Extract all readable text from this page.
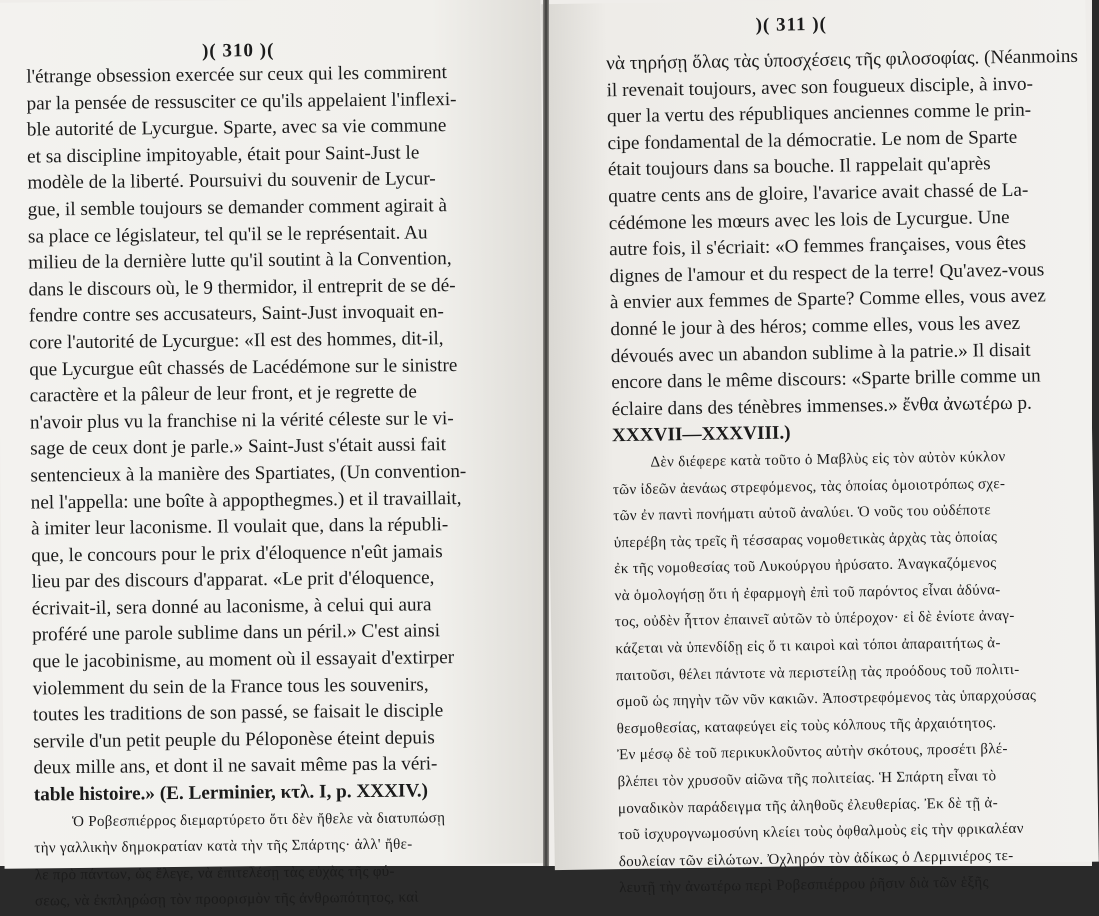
)( 310 )(
l'étrange obsession exercée sur ceux qui les commirent
par la pensée de ressusciter ce qu'ils appelaient l'inflexi-
ble autorité de Lycurgue. Sparte, avec sa vie commune
et sa discipline impitoyable, était pour Saint-Just le
modèle de la liberté. Poursuivi du souvenir de Lycur-
gue, il semble toujours se demander comment agirait à
sa place ce législateur, tel qu'il se le représentait. Au
milieu de la dernière lutte qu'il soutint à la Convention,
dans le discours où, le 9 thermidor, il entreprit de se dé-
fendre contre ses accusateurs, Saint-Just invoquait en-
core l'autorité de Lycurgue: «Il est des hommes, dit-il,
que Lycurgue eût chassés de Lacédémone sur le sinistre
caractère et la pâleur de leur front, et je regrette de
n'avoir plus vu la franchise ni la vérité céleste sur le vi-
sage de ceux dont je parle.» Saint-Just s'était aussi fait
sentencieux à la manière des Spartiates, (Un convention-
nel l'appella: une boîte à appopthegmes.) et il travaillait,
à imiter leur laconisme. Il voulait que, dans la républi-
que, le concours pour le prix d'éloquence n'eût jamais
lieu par des discours d'apparat. «Le prit d'éloquence,
écrivait-il, sera donné au laconisme, à celui qui aura
proféré une parole sublime dans un péril.» C'est ainsi
que le jacobinisme, au moment où il essayait d'extirper
violemment du sein de la France tous les souvenirs,
toutes les traditions de son passé, se faisait le disciple
servile d'un petit peuple du Péloponèse éteint depuis
deux mille ans, et dont il ne savait même pas la véri-
table histoire.» (E. Lerminier, κτλ. I, p. XXXIV.)
Ὁ Ροβεσπιέρρος διεμαρτύρετο ὅτι δὲν ἤθελε νὰ διατυπώσῃ
τὴν γαλλικὴν δημοκρατίαν κατὰ τὴν τῆς Σπάρτης· ἀλλ' ἤθε-
λε πρὸ πάντων, ὡς ἔλεγε, νὰ ἐπιτελέσῃ τὰς εὐχὰς τῆς φύ-
σεως, νὰ ἐκπληρώσῃ τὸν προορισμὸν τῆς ἀνθρωπότητος, καὶ
)( 311 )(
νὰ τηρήσῃ ὅλας τὰς ὑποσχέσεις τῆς φιλοσοφίας. (Néanmoins
il revenait toujours, avec son fougueux disciple, à invo-
quer la vertu des républiques anciennes comme le prin-
cipe fondamental de la démocratie. Le nom de Sparte
était toujours dans sa bouche. Il rappelait qu'après
quatre cents ans de gloire, l'avarice avait chassé de La-
cédémone les mœurs avec les lois de Lycurgue. Une
autre fois, il s'écriait: «O femmes françaises, vous êtes
dignes de l'amour et du respect de la terre! Qu'avez-vous
à envier aux femmes de Sparte? Comme elles, vous avez
donné le jour à des héros; comme elles, vous les avez
dévoués avec un abandon sublime à la patrie.» Il disait
encore dans le même discours: «Sparte brille comme un
éclaire dans des ténèbres immenses.» ἔνθα ἀνωτέρω p.
XXXVII—XXXVIII.)
Δὲν διέφερε κατὰ τοῦτο ὁ Μαβλὺς εἰς τὸν αὐτὸν κύκλον
τῶν ἰδεῶν ἀενάως στρεφόμενος, τὰς ὁποίας ὁμοιοτρόπως σχε-
τῶν ἐν παντὶ πονήματι αὐτοῦ ἀναλύει. Ὁ νοῦς του οὐδέποτε
ὑπερέβη τὰς τρεῖς ἢ τέσσαρας νομοθετικὰς ἀρχὰς τὰς ὁποίας
ἐκ τῆς νομοθεσίας τοῦ Λυκούργου ἠρύσατο. Ἀναγκαζόμενος
νὰ ὁμολογήσῃ ὅτι ἡ ἐφαρμογὴ ἐπὶ τοῦ παρόντος εἶναι ἀδύνα-
τος, οὐδὲν ἧττον ἐπαινεῖ αὐτῶν τὸ ὑπέροχον· εἰ δὲ ἐνίοτε ἀναγ-
κάζεται νὰ ὑπενδίδῃ εἰς ὅ τι καιροὶ καὶ τόποι ἀπαραιτήτως ἀ-
παιτοῦσι, θέλει πάντοτε νὰ περιστείλῃ τὰς προόδους τοῦ πολιτι-
σμοῦ ὡς πηγὴν τῶν νῦν κακιῶν. Ἀποστρεφόμενος τὰς ὑπαρχούσας
θεσμοθεσίας, καταφεύγει εἰς τοὺς κόλπους τῆς ἀρχαιότητος.
Ἐν μέσῳ δὲ τοῦ περικυκλοῦντος αὐτὴν σκότους, προσέτι βλέ-
βλέπει τὸν χρυσοῦν αἰῶνα τῆς πολιτείας. Ἡ Σπάρτη εἶναι τὸ
μοναδικὸν παράδειγμα τῆς ἀληθοῦς ἐλευθερίας. Ἐκ δὲ τῇ ἀ-
τοῦ ἰσχυρογνωμοσύνη κλείει τοὺς ὀφθαλμοὺς εἰς τὴν φρικαλέαν
δουλείαν τῶν εἱλώτων. Ὀχληρόν τὸν ἀδίκως ὁ Λερμινιέρος τε-
λευτῇ τὴν ἀνωτέρω περὶ Ροβεσπιέρρου ῥῆσιν διὰ τῶν ἑξῆς
